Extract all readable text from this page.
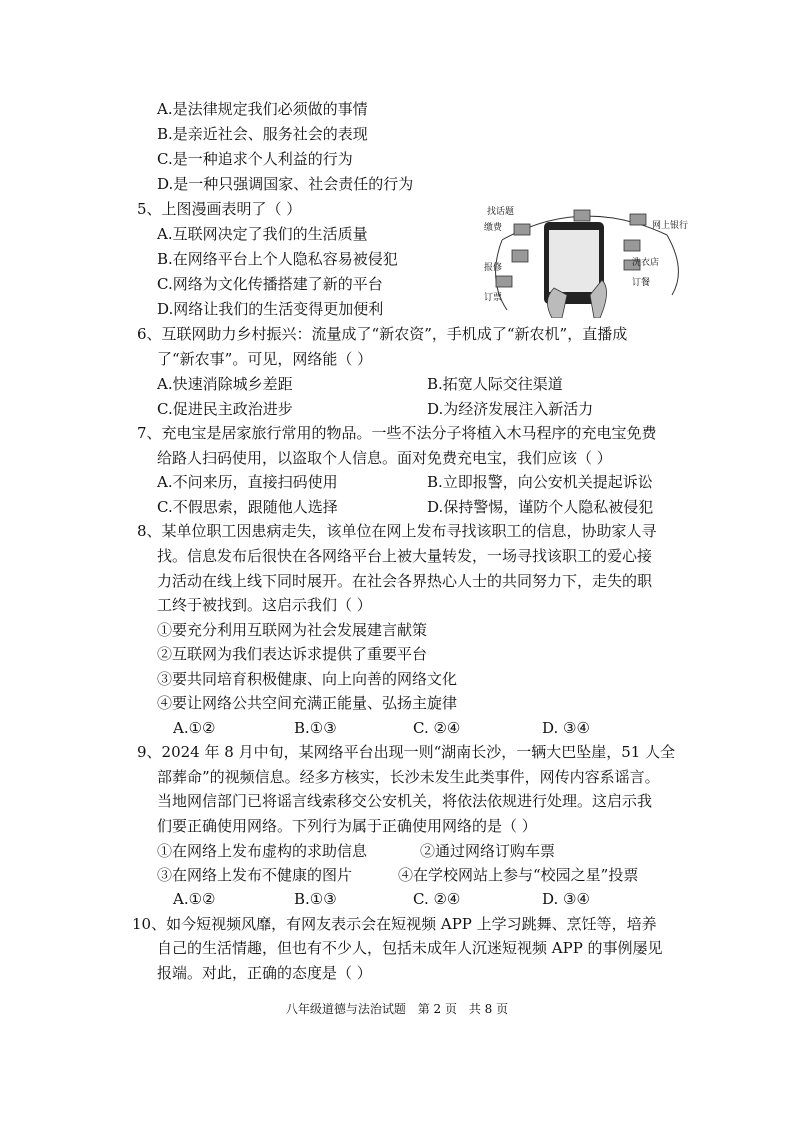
A.是法律规定我们必须做的事情
B.是亲近社会、服务社会的表现
C.是一种追求个人利益的行为
D.是一种只强调国家、社会责任的行为
5、上图漫画表明了（ ）
A.互联网决定了我们的生活质量
B.在网络平台上个人隐私容易被侵犯
C.网络为文化传播搭建了新的平台
D.网络让我们的生活变得更加便利
找话题
网上银行
洗衣店
订餐
订票
报修
缴费
6、互联网助力乡村振兴：流量成了“新农资”，手机成了“新农机”，直播成
了“新农事”。可见，网络能（ ）
A.快速消除城乡差距	B.拓宽人际交往渠道
C.促进民主政治进步	D.为经济发展注入新活力
7、充电宝是居家旅行常用的物品。一些不法分子将植入木马程序的充电宝免费
给路人扫码使用，以盗取个人信息。面对免费充电宝，我们应该（ ）
A.不问来历，直接扫码使用	B.立即报警，向公安机关提起诉讼
C.不假思索，跟随他人选择	D.保持警惕，谨防个人隐私被侵犯
8、某单位职工因患病走失，该单位在网上发布寻找该职工的信息，协助家人寻
找。信息发布后很快在各网络平台上被大量转发，一场寻找该职工的爱心接
力活动在线上线下同时展开。在社会各界热心人士的共同努力下，走失的职
工终于被找到。这启示我们（ ）
①要充分利用互联网为社会发展建言献策
②互联网为我们表达诉求提供了重要平台
③要共同培育积极健康、向上向善的网络文化
④要让网络公共空间充满正能量、弘扬主旋律
A.①②	B.①③	C. ②④	D. ③④
9、2024 年 8 月中旬，某网络平台出现一则“湖南长沙，一辆大巴坠崖，51 人全
部葬命”的视频信息。经多方核实，长沙未发生此类事件，网传内容系谣言。
当地网信部门已将谣言线索移交公安机关，将依法依规进行处理。这启示我
们要正确使用网络。下列行为属于正确使用网络的是（ ）
①在网络上发布虚构的求助信息	②通过网络订购车票
③在网络上发布不健康的图片	④在学校网站上参与“校园之星”投票
A.①②	B.①③	C. ②④	D. ③④
10、如今短视频风靡，有网友表示会在短视频 APP 上学习跳舞、烹饪等，培养
自己的生活情趣，但也有不少人，包括未成年人沉迷短视频 APP 的事例屡见
报端。对此，正确的态度是（ ）
八年级道德与法治试题 第 2 页 共 8 页
